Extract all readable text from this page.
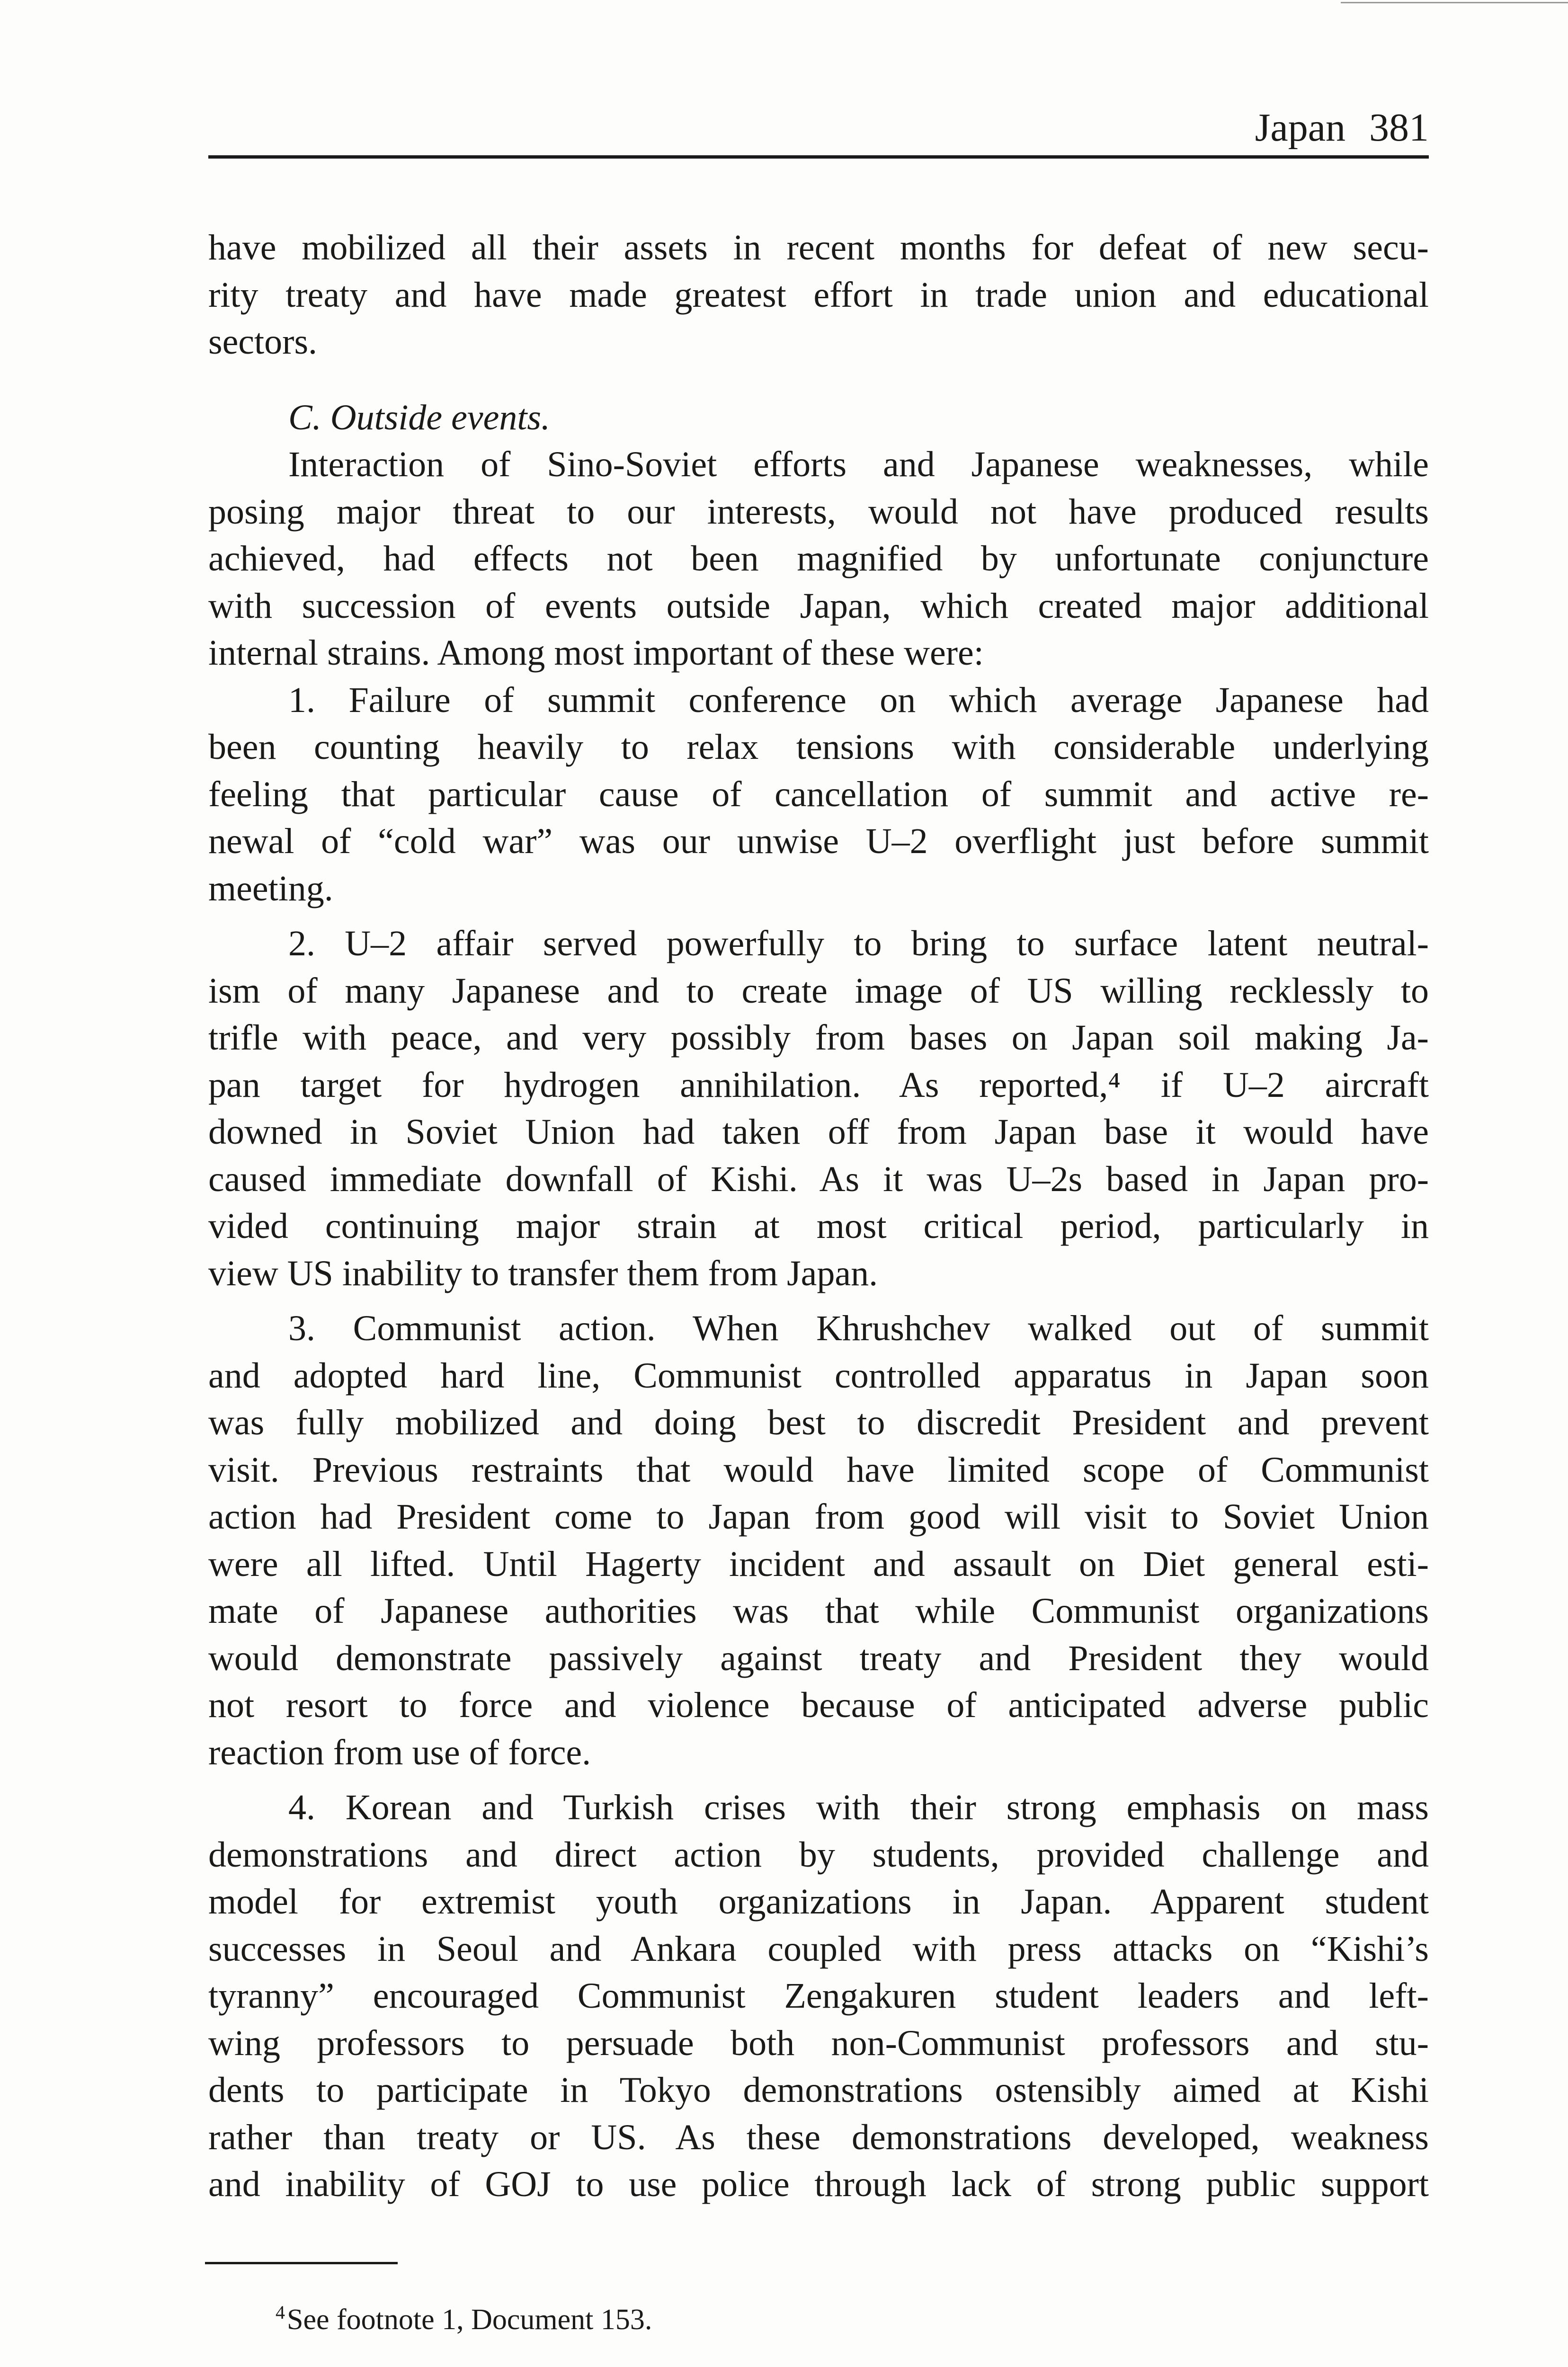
Japan 381
have mobilized all their assets in recent months for defeat of new secu-
rity treaty and have made greatest effort in trade union and educational
sectors.
C. Outside events.
Interaction of Sino-Soviet efforts and Japanese weaknesses, while
posing major threat to our interests, would not have produced results
achieved, had effects not been magnified by unfortunate conjuncture
with succession of events outside Japan, which created major additional
internal strains. Among most important of these were:
1. Failure of summit conference on which average Japanese had
been counting heavily to relax tensions with considerable underlying
feeling that particular cause of cancellation of summit and active re-
newal of “cold war” was our unwise U–2 overflight just before summit
meeting.
2. U–2 affair served powerfully to bring to surface latent neutral-
ism of many Japanese and to create image of US willing recklessly to
trifle with peace, and very possibly from bases on Japan soil making Ja-
pan target for hydrogen annihilation. As reported,⁴ if U–2 aircraft
downed in Soviet Union had taken off from Japan base it would have
caused immediate downfall of Kishi. As it was U–2s based in Japan pro-
vided continuing major strain at most critical period, particularly in
view US inability to transfer them from Japan.
3. Communist action. When Khrushchev walked out of summit
and adopted hard line, Communist controlled apparatus in Japan soon
was fully mobilized and doing best to discredit President and prevent
visit. Previous restraints that would have limited scope of Communist
action had President come to Japan from good will visit to Soviet Union
were all lifted. Until Hagerty incident and assault on Diet general esti-
mate of Japanese authorities was that while Communist organizations
would demonstrate passively against treaty and President they would
not resort to force and violence because of anticipated adverse public
reaction from use of force.
4. Korean and Turkish crises with their strong emphasis on mass
demonstrations and direct action by students, provided challenge and
model for extremist youth organizations in Japan. Apparent student
successes in Seoul and Ankara coupled with press attacks on “Kishi’s
tyranny” encouraged Communist Zengakuren student leaders and left-
wing professors to persuade both non-Communist professors and stu-
dents to participate in Tokyo demonstrations ostensibly aimed at Kishi
rather than treaty or US. As these demonstrations developed, weakness
and inability of GOJ to use police through lack of strong public support
$^4$See footnote 1, Document 153.
